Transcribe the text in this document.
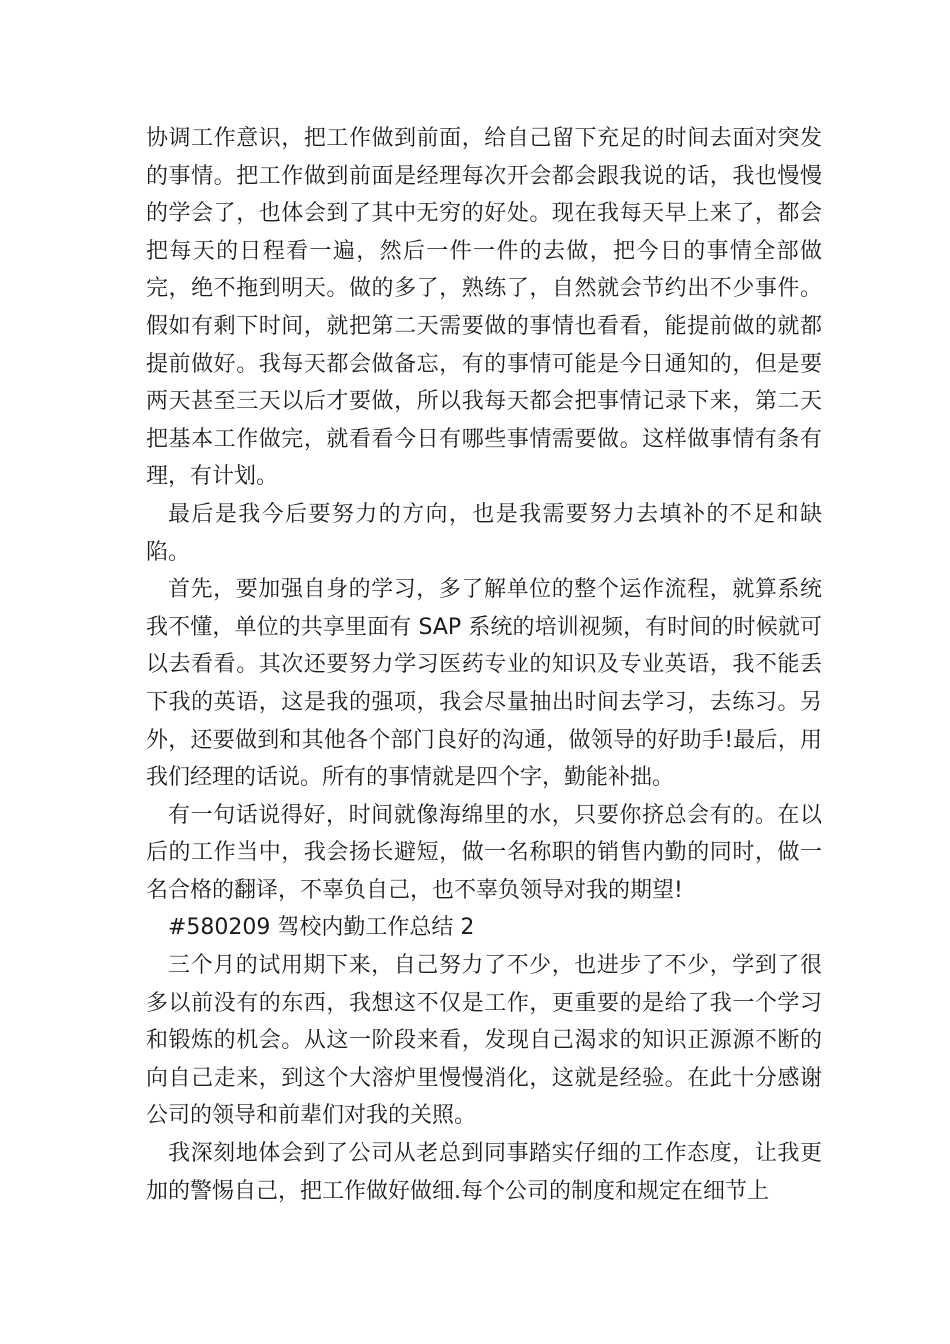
协调工作意识，把工作做到前面，给自己留下充足的时间去面对突发的事情。把工作做到前面是经理每次开会都会跟我说的话，我也慢慢的学会了，也体会到了其中无穷的好处。现在我每天早上来了，都会把每天的日程看一遍，然后一件一件的去做，把今日的事情全部做完，绝不拖到明天。做的多了，熟练了，自然就会节约出不少事件。假如有剩下时间，就把第二天需要做的事情也看看，能提前做的就都提前做好。我每天都会做备忘，有的事情可能是今日通知的，但是要两天甚至三天以后才要做，所以我每天都会把事情记录下来，第二天把基本工作做完，就看看今日有哪些事情需要做。这样做事情有条有理，有计划。

最后是我今后要努力的方向，也是我需要努力去填补的不足和缺陷。

首先，要加强自身的学习，多了解单位的整个运作流程，就算系统我不懂，单位的共享里面有 SAP 系统的培训视频，有时间的时候就可以去看看。其次还要努力学习医药专业的知识及专业英语，我不能丢下我的英语，这是我的强项，我会尽量抽出时间去学习，去练习。另外，还要做到和其他各个部门良好的沟通，做领导的好助手!最后，用我们经理的话说。所有的事情就是四个字，勤能补拙。

有一句话说得好，时间就像海绵里的水，只要你挤总会有的。在以后的工作当中，我会扬长避短，做一名称职的销售内勤的同时，做一名合格的翻译，不辜负自己，也不辜负领导对我的期望!

#580209 驾校内勤工作总结 2

三个月的试用期下来，自己努力了不少，也进步了不少，学到了很多以前没有的东西，我想这不仅是工作，更重要的是给了我一个学习和锻炼的机会。从这一阶段来看，发现自己渴求的知识正源源不断的向自己走来，到这个大溶炉里慢慢消化，这就是经验。在此十分感谢公司的领导和前辈们对我的关照。

我深刻地体会到了公司从老总到同事踏实仔细的工作态度，让我更加的警惕自己，把工作做好做细.每个公司的制度和规定在细节上
